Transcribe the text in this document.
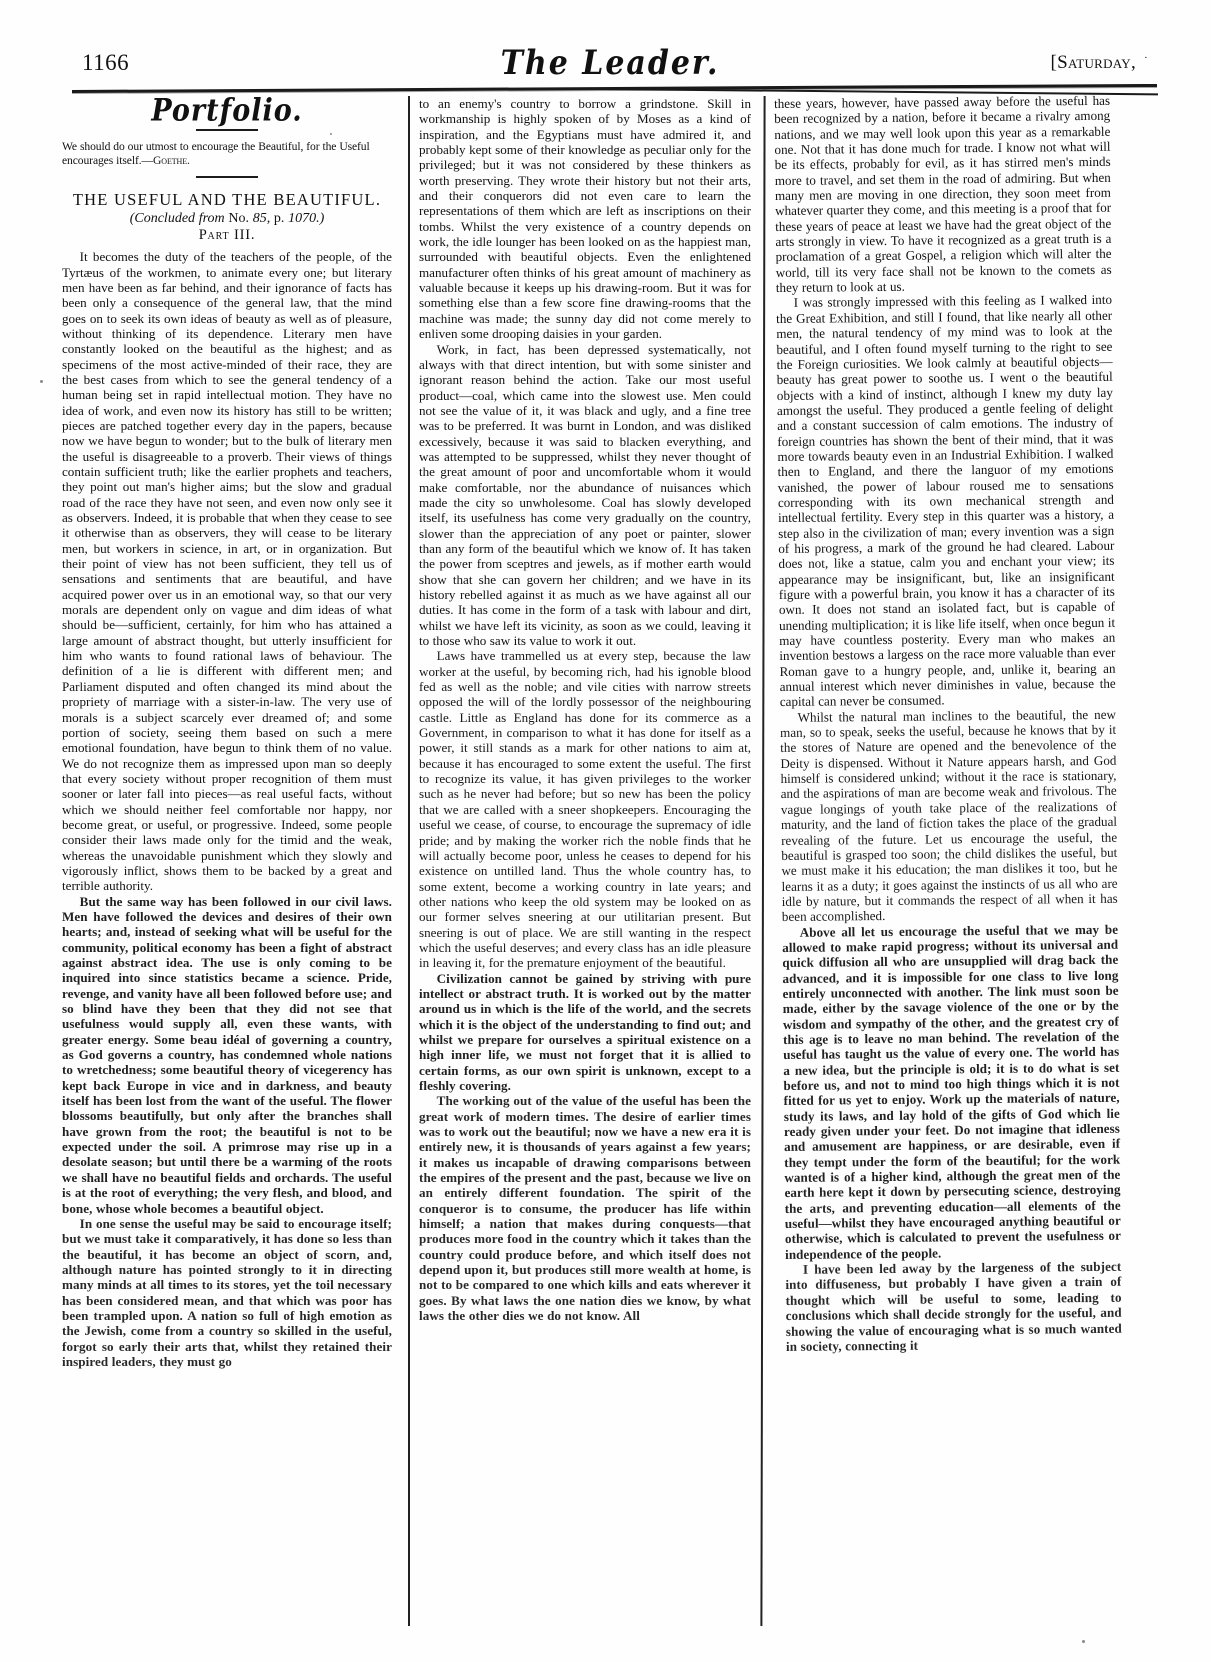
1166	The Leader.	[Saturday, ·
Portfolio.

We should do our utmost to encourage the Beautiful, for the Useful encourages itself.—Goethe.

THE USEFUL AND THE BEAUTIFUL.
(Concluded from No. 85, p. 1070.)
Part III.

It becomes the duty of the teachers of the people, of the Tyrtæus of the workmen, to animate every one; but literary men have been as far behind, and their ignorance of facts has been only a consequence of the general law, that the mind goes on to seek its own ideas of beauty as well as of pleasure, without thinking of its dependence. Literary men have constantly looked on the beautiful as the highest; and as specimens of the most active-minded of their race, they are the best cases from which to see the general tendency of a human being set in rapid intellectual motion. They have no idea of work, and even now its history has still to be written; pieces are patched together every day in the papers, because now we have begun to wonder; but to the bulk of literary men the useful is disagreeable to a proverb. Their views of things contain sufficient truth; like the earlier prophets and teachers, they point out man's higher aims; but the slow and gradual road of the race they have not seen, and even now only see it as observers. Indeed, it is probable that when they cease to see it otherwise than as observers, they will cease to be literary men, but workers in science, in art, or in organization. But their point of view has not been sufficient, they tell us of sensations and sentiments that are beautiful, and have acquired power over us in an emotional way, so that our very morals are dependent only on vague and dim ideas of what should be—sufficient, certainly, for him who has attained a large amount of abstract thought, but utterly insufficient for him who wants to found rational laws of behaviour. The definition of a lie is different with different men; and Parliament disputed and often changed its mind about the propriety of marriage with a sister-in-law. The very use of morals is a subject scarcely ever dreamed of; and some portion of society, seeing them based on such a mere emotional foundation, have begun to think them of no value. We do not recognize them as impressed upon man so deeply that every society without proper recognition of them must sooner or later fall into pieces—as real useful facts, without which we should neither feel comfortable nor happy, nor become great, or useful, or progressive. Indeed, some people consider their laws made only for the timid and the weak, whereas the unavoidable punishment which they slowly and vigorously inflict, shows them to be backed by a great and terrible authority.

But the same way has been followed in our civil laws. Men have followed the devices and desires of their own hearts; and, instead of seeking what will be useful for the community, political economy has been a fight of abstract against abstract idea. The use is only coming to be inquired into since statistics became a science. Pride, revenge, and vanity have all been followed before use; and so blind have they been that they did not see that usefulness would supply all, even these wants, with greater energy. Some beau idéal of governing a country, as God governs a country, has condemned whole nations to wretchedness; some beautiful theory of vicegerency has kept back Europe in vice and in darkness, and beauty itself has been lost from the want of the useful. The flower blossoms beautifully, but only after the branches shall have grown from the root; the beautiful is not to be expected under the soil. A primrose may rise up in a desolate season; but until there be a warming of the roots we shall have no beautiful fields and orchards. The useful is at the root of everything; the very flesh, and blood, and bone, whose whole becomes a beautiful object.

In one sense the useful may be said to encourage itself; but we must take it comparatively, it has done so less than the beautiful, it has become an object of scorn, and, although nature has pointed strongly to it in directing many minds at all times to its stores, yet the toil necessary has been considered mean, and that which was poor has been trampled upon. A nation so full of high emotion as the Jewish, come from a country so skilled in the useful, forgot so early their arts that, whilst they retained their inspired leaders, they must go

to an enemy's country to borrow a grindstone. Skill in workmanship is highly spoken of by Moses as a kind of inspiration, and the Egyptians must have admired it, and probably kept some of their knowledge as peculiar only for the privileged; but it was not considered by these thinkers as worth preserving. They wrote their history but not their arts, and their conquerors did not even care to learn the representations of them which are left as inscriptions on their tombs. Whilst the very existence of a country depends on work, the idle lounger has been looked on as the happiest man, surrounded with beautiful objects. Even the enlightened manufacturer often thinks of his great amount of machinery as valuable because it keeps up his drawing-room. But it was for something else than a few score fine drawing-rooms that the machine was made; the sunny day did not come merely to enliven some drooping daisies in your garden.

Work, in fact, has been depressed systematically, not always with that direct intention, but with some sinister and ignorant reason behind the action. Take our most useful product—coal, which came into the slowest use. Men could not see the value of it, it was black and ugly, and a fine tree was to be preferred. It was burnt in London, and was disliked excessively, because it was said to blacken everything, and was attempted to be suppressed, whilst they never thought of the great amount of poor and uncomfortable whom it would make comfortable, nor the abundance of nuisances which made the city so unwholesome. Coal has slowly developed itself, its usefulness has come very gradually on the country, slower than the appreciation of any poet or painter, slower than any form of the beautiful which we know of. It has taken the power from sceptres and jewels, as if mother earth would show that she can govern her children; and we have in its history rebelled against it as much as we have against all our duties. It has come in the form of a task with labour and dirt, whilst we have left its vicinity, as soon as we could, leaving it to those who saw its value to work it out.

Laws have trammelled us at every step, because the law worker at the useful, by becoming rich, had his ignoble blood fed as well as the noble; and vile cities with narrow streets opposed the will of the lordly possessor of the neighbouring castle. Little as England has done for its commerce as a Government, in comparison to what it has done for itself as a power, it still stands as a mark for other nations to aim at, because it has encouraged to some extent the useful. The first to recognize its value, it has given privileges to the worker such as he never had before; but so new has been the policy that we are called with a sneer shopkeepers. Encouraging the useful we cease, of course, to encourage the supremacy of idle pride; and by making the worker rich the noble finds that he will actually become poor, unless he ceases to depend for his existence on untilled land. Thus the whole country has, to some extent, become a working country in late years; and other nations who keep the old system may be looked on as our former selves sneering at our utilitarian present. But sneering is out of place. We are still wanting in the respect which the useful deserves; and every class has an idle pleasure in leaving it, for the premature enjoyment of the beautiful.

Civilization cannot be gained by striving with pure intellect or abstract truth. It is worked out by the matter around us in which is the life of the world, and the secrets which it is the object of the understanding to find out; and whilst we prepare for ourselves a spiritual existence on a high inner life, we must not forget that it is allied to certain forms, as our own spirit is unknown, except to a fleshly covering.

The working out of the value of the useful has been the great work of modern times. The desire of earlier times was to work out the beautiful; now we have a new era it is entirely new, it is thousands of years against a few years; it makes us incapable of drawing comparisons between the empires of the present and the past, because we live on an entirely different foundation. The spirit of the conqueror is to consume, the producer has life within himself; a nation that makes during conquests—that produces more food in the country which it takes than the country could produce before, and which itself does not depend upon it, but produces still more wealth at home, is not to be compared to one which kills and eats wherever it goes. By what laws the one nation dies we know, by what laws the other dies we do not know. All

these years, however, have passed away before the useful has been recognized by a nation, before it became a rivalry among nations, and we may well look upon this year as a remarkable one. Not that it has done much for trade. I know not what will be its effects, probably for evil, as it has stirred men's minds more to travel, and set them in the road of admiring. But when many men are moving in one direction, they soon meet from whatever quarter they come, and this meeting is a proof that for these years of peace at least we have had the great object of the arts strongly in view. To have it recognized as a great truth is a proclamation of a great Gospel, a religion which will alter the world, till its very face shall not be known to the comets as they return to look at us.

I was strongly impressed with this feeling as I walked into the Great Exhibition, and still I found, that like nearly all other men, the natural tendency of my mind was to look at the beautiful, and I often found myself turning to the right to see the Foreign curiosities. We look calmly at beautiful objects—beauty has great power to soothe us. I went o the beautiful objects with a kind of instinct, although I knew my duty lay amongst the useful. They produced a gentle feeling of delight and a constant succession of calm emotions. The industry of foreign countries has shown the bent of their mind, that it was more towards beauty even in an Industrial Exhibition. I walked then to England, and there the languor of my emotions vanished, the power of labour roused me to sensations corresponding with its own mechanical strength and intellectual fertility. Every step in this quarter was a history, a step also in the civilization of man; every invention was a sign of his progress, a mark of the ground he had cleared. Labour does not, like a statue, calm you and enchant your view; its appearance may be insignificant, but, like an insignificant figure with a powerful brain, you know it has a character of its own. It does not stand an isolated fact, but is capable of unending multiplication; it is like life itself, when once begun it may have countless posterity. Every man who makes an invention bestows a largess on the race more valuable than ever Roman gave to a hungry people, and, unlike it, bearing an annual interest which never diminishes in value, because the capital can never be consumed.

Whilst the natural man inclines to the beautiful, the new man, so to speak, seeks the useful, because he knows that by it the stores of Nature are opened and the benevolence of the Deity is dispensed. Without it Nature appears harsh, and God himself is considered unkind; without it the race is stationary, and the aspirations of man are become weak and frivolous. The vague longings of youth take place of the realizations of maturity, and the land of fiction takes the place of the gradual revealing of the future. Let us encourage the useful, the beautiful is grasped too soon; the child dislikes the useful, but we must make it his education; the man dislikes it too, but he learns it as a duty; it goes against the instincts of us all who are idle by nature, but it commands the respect of all when it has been accomplished.

Above all let us encourage the useful that we may be allowed to make rapid progress; without its universal and quick diffusion all who are unsupplied will drag back the advanced, and it is impossible for one class to live long entirely unconnected with another. The link must soon be made, either by the savage violence of the one or by the wisdom and sympathy of the other, and the greatest cry of this age is to leave no man behind. The revelation of the useful has taught us the value of every one. The world has a new idea, but the principle is old; it is to do what is set before us, and not to mind too high things which it is not fitted for us yet to enjoy. Work up the materials of nature, study its laws, and lay hold of the gifts of God which lie ready given under your feet. Do not imagine that idleness and amusement are happiness, or are desirable, even if they tempt under the form of the beautiful; for the work wanted is of a higher kind, although the great men of the earth here kept it down by persecuting science, destroying the arts, and preventing education—all elements of the useful—whilst they have encouraged anything beautiful or otherwise, which is calculated to prevent the usefulness or independence of the people.

I have been led away by the largeness of the subject into diffuseness, but probably I have given a train of thought which will be useful to some, leading to conclusions which shall decide strongly for the useful, and showing the value of encouraging what is so much wanted in society, connecting it
